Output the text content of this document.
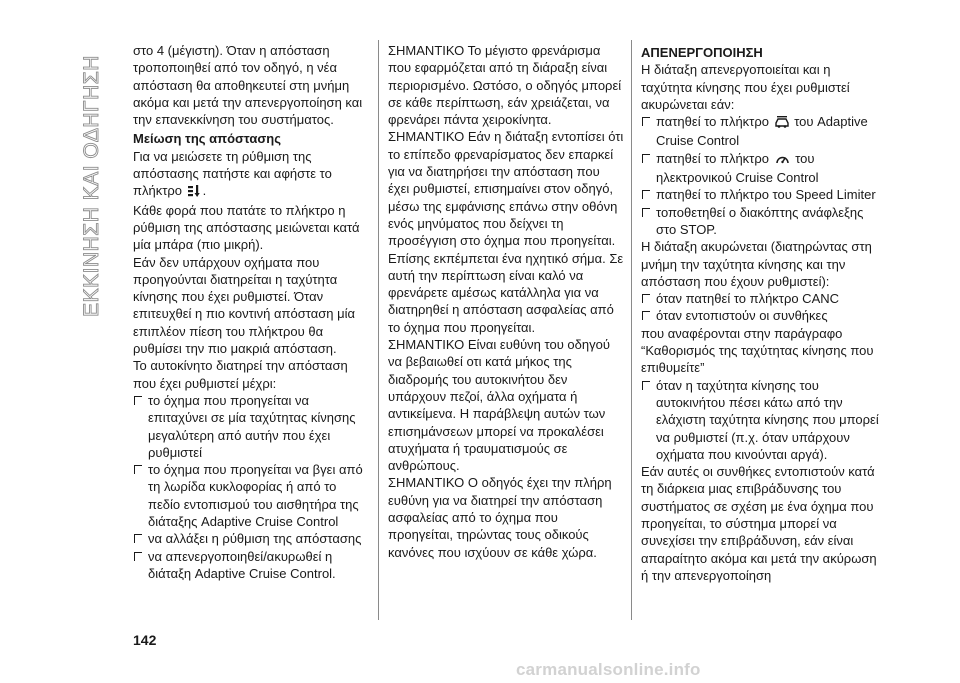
ΕΚΚΙΝΗΣΗ ΚΑΙ ΟΔΗΓΗΣΗ

στο 4 (μέγιστη). Όταν η απόσταση τροποποιηθεί από τον οδηγό, η νέα απόσταση θα αποθηκευτεί στη μνήμη ακόμα και μετά την απενεργοποίηση και την επανεκκίνηση του συστήματος.

Μείωση της απόστασης

Για να μειώσετε τη ρύθμιση της απόστασης πατήστε και αφήστε το πλήκτρο .

Κάθε φορά που πατάτε το πλήκτρο η ρύθμιση της απόστασης μειώνεται κατά μία μπάρα (πιο μικρή).

Εάν δεν υπάρχουν οχήματα που προηγούνται διατηρείται η ταχύτητα κίνησης που έχει ρυθμιστεί. Όταν επιτευχθεί η πιο κοντινή απόσταση μία επιπλέον πίεση του πλήκτρου θα ρυθμίσει την πιο μακριά απόσταση.

Το αυτοκίνητο διατηρεί την απόσταση που έχει ρυθμιστεί μέχρι:

το όχημα που προηγείται να επιταχύνει σε μία ταχύτητας κίνησης μεγαλύτερη από αυτήν που έχει ρυθμιστεί

το όχημα που προηγείται να βγει από τη λωρίδα κυκλοφορίας ή από το πεδίο εντοπισμού του αισθητήρα της διάταξης Adaptive Cruise Control

να αλλάξει η ρύθμιση της απόστασης

να απενεργοποιηθεί/ακυρωθεί η διάταξη Adaptive Cruise Control.

ΣΗΜΑΝΤΙΚΟ Το μέγιστο φρενάρισμα που εφαρμόζεται από τη διάραξη είναι περιορισμένο. Ωστόσο, ο οδηγός μπορεί σε κάθε περίπτωση, εάν χρειάζεται, να φρενάρει πάντα χειροκίνητα.

ΣΗΜΑΝΤΙΚΟ Εάν η διάταξη εντοπίσει ότι το επίπεδο φρεναρίσματος δεν επαρκεί για να διατηρήσει την απόσταση που έχει ρυθμιστεί, επισημαίνει στον οδηγό, μέσω της εμφάνισης επάνω στην οθόνη ενός μηνύματος που δείχνει τη προσέγγιση στο όχημα που προηγείται. Επίσης εκπέμπεται ένα ηχητικό σήμα. Σε αυτή την περίπτωση είναι καλό να φρενάρετε αμέσως κατάλληλα για να διατηρηθεί η απόσταση ασφαλείας από το όχημα που προηγείται.

ΣΗΜΑΝΤΙΚΟ Είναι ευθύνη του οδηγού να βεβαιωθεί οτι κατά μήκος της διαδρομής του αυτοκινήτου δεν υπάρχουν πεζοί, άλλα οχήματα ή αντικείμενα. Η παράβλεψη αυτών των επισημάνσεων μπορεί να προκαλέσει ατυχήματα ή τραυματισμούς σε ανθρώπους.

ΣΗΜΑΝΤΙΚΟ Ο οδηγός έχει την πλήρη ευθύνη για να διατηρεί την απόσταση ασφαλείας από το όχημα που προηγείται, τηρώντας τους οδικούς κανόνες που ισχύουν σε κάθε χώρα.

ΑΠΕΝΕΡΓΟΠΟΙΗΣΗ

Η διάταξη απενεργοποιείται και η ταχύτητα κίνησης που έχει ρυθμιστεί ακυρώνεται εάν:

πατηθεί το πλήκτρο του Adaptive Cruise Control

πατηθεί το πλήκτρο του ηλεκτρονικού Cruise Control

πατηθεί το πλήκτρο του Speed Limiter

τοποθετηθεί ο διακόπτης ανάφλεξης στο STOP.

Η διάταξη ακυρώνεται (διατηρώντας στη μνήμη την ταχύτητα κίνησης και την απόσταση που έχουν ρυθμιστεί):

όταν πατηθεί το πλήκτρο CANC

όταν εντοπιστούν οι συνθήκες

που αναφέρονται στην παράγραφο “Καθορισμός της ταχύτητας κίνησης που επιθυμείτε”

όταν η ταχύτητα κίνησης του αυτοκινήτου πέσει κάτω από την ελάχιστη ταχύτητα κίνησης που μπορεί να ρυθμιστεί (π.χ. όταν υπάρχουν οχήματα που κινούνται αργά).

Εάν αυτές οι συνθήκες εντοπιστούν κατά τη διάρκεια μιας επιβράδυνσης του συστήματος σε σχέση με ένα όχημα που προηγείται, το σύστημα μπορεί να συνεχίσει την επιβράδυνση, εάν είναι απαραίτητο ακόμα και μετά την ακύρωση ή την απενεργοποίηση

142
carmanualsonline.info
